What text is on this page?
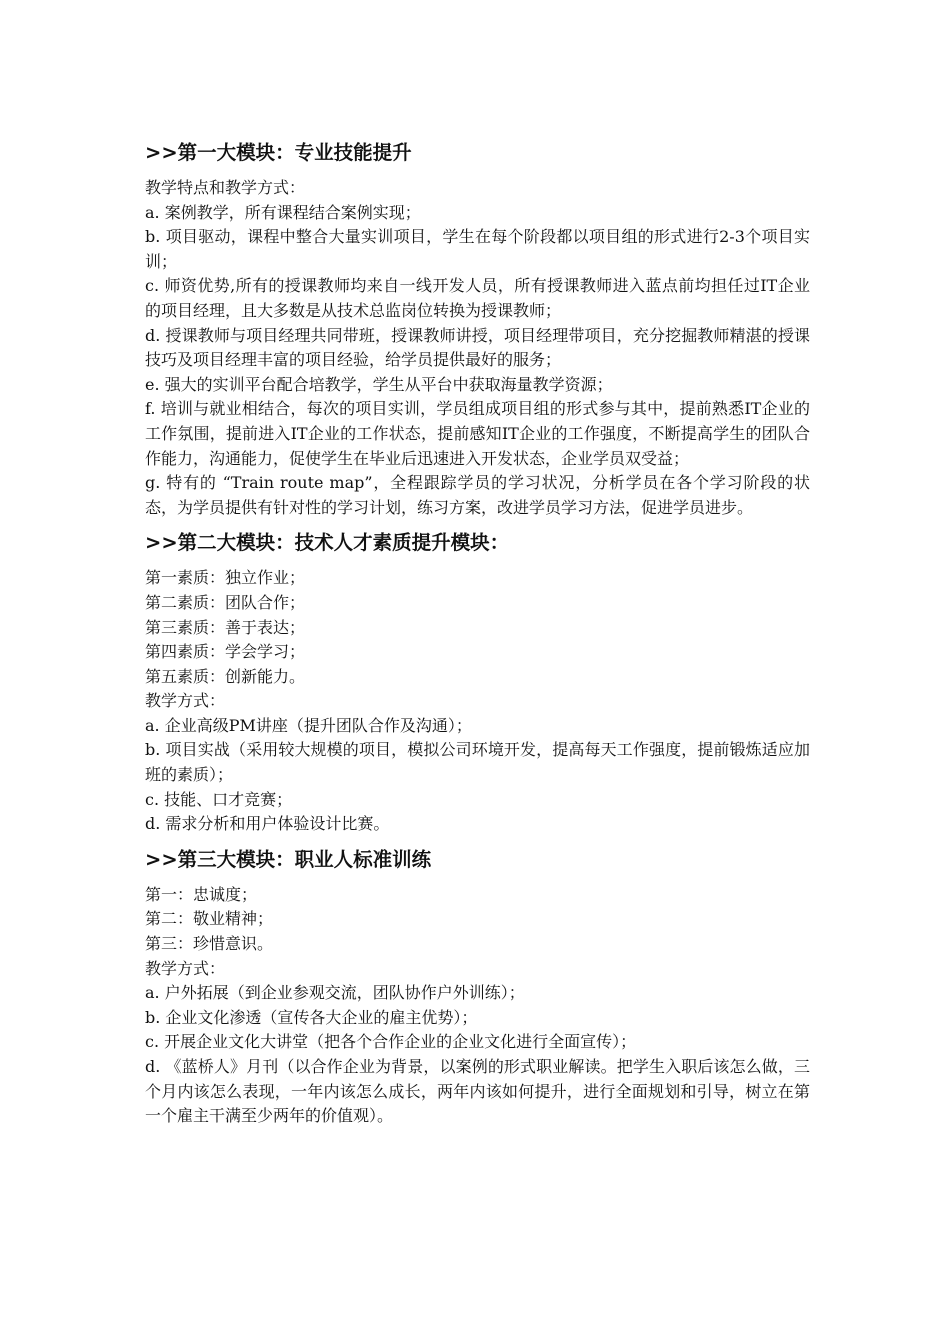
>>第一大模块：专业技能提升

教学特点和教学方式：

a. 案例教学，所有课程结合案例实现；

b. 项目驱动，课程中整合大量实训项目，学生在每个阶段都以项目组的形式进行2-3个项目实训；

c. 师资优势,所有的授课教师均来自一线开发人员，所有授课教师进入蓝点前均担任过IT企业的项目经理，且大多数是从技术总监岗位转换为授课教师；

d. 授课教师与项目经理共同带班，授课教师讲授，项目经理带项目，充分挖掘教师精湛的授课技巧及项目经理丰富的项目经验，给学员提供最好的服务；

e. 强大的实训平台配合培教学，学生从平台中获取海量教学资源；

f. 培训与就业相结合，每次的项目实训，学员组成项目组的形式参与其中，提前熟悉IT企业的工作氛围，提前进入IT企业的工作状态，提前感知IT企业的工作强度，不断提高学生的团队合作能力，沟通能力，促使学生在毕业后迅速进入开发状态，企业学员双受益；

g. 特有的 “Train route map”，全程跟踪学员的学习状况，分析学员在各个学习阶段的状态，为学员提供有针对性的学习计划，练习方案，改进学员学习方法，促进学员进步。

>>第二大模块：技术人才素质提升模块：

第一素质：独立作业；

第二素质：团队合作；

第三素质：善于表达；

第四素质：学会学习；

第五素质：创新能力。

教学方式：

a. 企业高级PM讲座（提升团队合作及沟通）；

b. 项目实战（采用较大规模的项目，模拟公司环境开发，提高每天工作强度，提前锻炼适应加班的素质）；

c. 技能、口才竞赛；

d. 需求分析和用户体验设计比赛。

>>第三大模块：职业人标准训练

第一：忠诚度；

第二：敬业精神；

第三：珍惜意识。

教学方式：

a. 户外拓展（到企业参观交流，团队协作户外训练）；

b. 企业文化渗透（宣传各大企业的雇主优势）；

c. 开展企业文化大讲堂（把各个合作企业的企业文化进行全面宣传）；

d. 《蓝桥人》月刊（以合作企业为背景，以案例的形式职业解读。把学生入职后该怎么做，三个月内该怎么表现，一年内该怎么成长，两年内该如何提升，进行全面规划和引导，树立在第一个雇主干满至少两年的价值观）。
